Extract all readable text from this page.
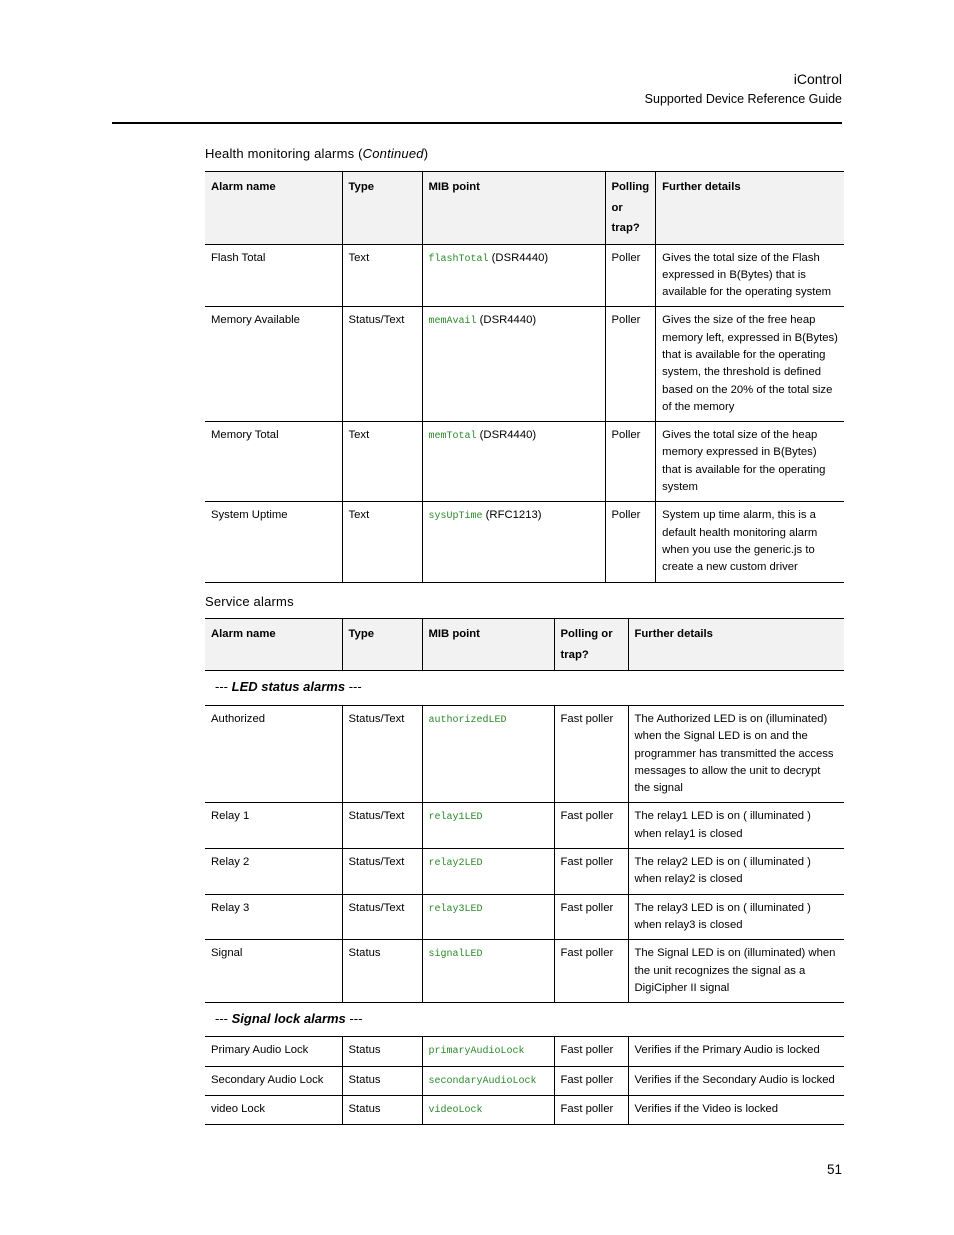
iControl
Supported Device Reference Guide
Health monitoring alarms (Continued)
Alarm name	Type	MIB point	Polling or trap?	Further details
Flash Total	Text	flashTotal (DSR4440)	Poller	Gives the total size of the Flash expressed in B(Bytes) that is available for the operating system
Memory Available	Status/Text	memAvail (DSR4440)	Poller	Gives the size of the free heap memory left, expressed in B(Bytes) that is available for the operating system, the threshold is defined based on the 20% of the total size of the memory
Memory Total	Text	memTotal (DSR4440)	Poller	Gives the total size of the heap memory expressed in B(Bytes) that is available for the operating system
System Uptime	Text	sysUpTime (RFC1213)	Poller	System up time alarm, this is a default health monitoring alarm when you use the generic.js to create a new custom driver
Service alarms
Alarm name	Type	MIB point	Polling or trap?	Further details
--- LED status alarms ---				
Authorized	Status/Text	authorizedLED	Fast poller	The Authorized LED is on (illuminated) when the Signal LED is on and the programmer has transmitted the access messages to allow the unit to decrypt the signal
Relay 1	Status/Text	relay1LED	Fast poller	The relay1 LED is on ( illuminated ) when relay1 is closed
Relay 2	Status/Text	relay2LED	Fast poller	The relay2 LED is on ( illuminated ) when relay2 is closed
Relay 3	Status/Text	relay3LED	Fast poller	The relay3 LED is on ( illuminated ) when relay3 is closed
Signal	Status	signalLED	Fast poller	The Signal LED is on (illuminated) when the unit recognizes the signal as a DigiCipher II signal
--- Signal lock alarms ---				
Primary Audio Lock	Status	primaryAudioLock	Fast poller	Verifies if the Primary Audio is locked
Secondary Audio Lock	Status	secondaryAudioLock	Fast poller	Verifies if the Secondary Audio is locked
video Lock	Status	videoLock	Fast poller	Verifies if the Video is locked
51
